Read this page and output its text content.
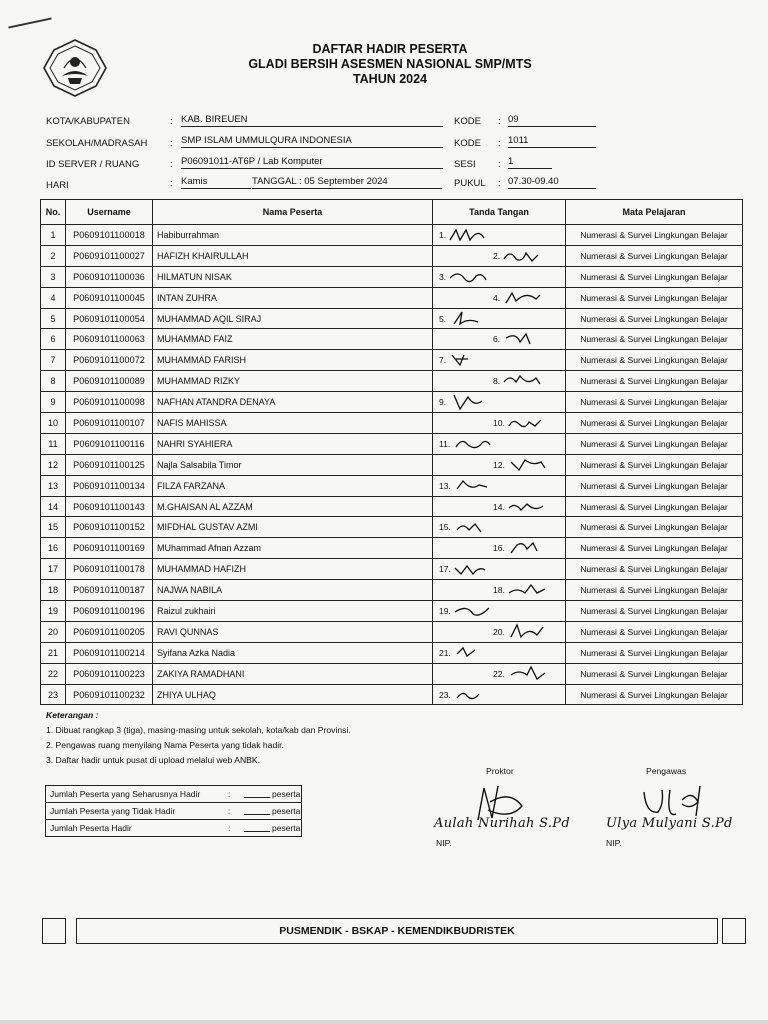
DAFTAR HADIR PESERTA
GLADI BERSIH ASESMEN NASIONAL SMP/MTS
TAHUN 2024
KOTA/KABUPATEN	: KAB. BIREUEN
SEKOLAH/MADRASAH : SMP ISLAM UMMULQURA INDONESIA
ID SERVER / RUANG	: P06091011-AT6P / Lab Komputer
HARI	: Kamis	TANGGAL : 05 September 2024
KODE : 09
KODE : 1011
SESI : 1
PUKUL : 07.30-09.40
No.	Username	Nama Peserta	Tanda Tangan	Mata Pelajaran
1	P0609101100018	Habiburrahman	1.	Numerasi & Survei Lingkungan Belajar
2	P0609101100027	HAFIZH KHAIRULLAH	2.	Numerasi & Survei Lingkungan Belajar
3	P0609101100036	HILMATUN NISAK	3.	Numerasi & Survei Lingkungan Belajar
4	P0609101100045	INTAN ZUHRA	4.	Numerasi & Survei Lingkungan Belajar
5	P0609101100054	MUHAMMAD AQIL SIRAJ	5.	Numerasi & Survei Lingkungan Belajar
6	P0609101100063	MUHAMMAD FAIZ	6.	Numerasi & Survei Lingkungan Belajar
7	P0609101100072	MUHAMMAD FARISH	7.	Numerasi & Survei Lingkungan Belajar
8	P0609101100089	MUHAMMAD RIZKY	8.	Numerasi & Survei Lingkungan Belajar
9	P0609101100098	NAFHAN ATANDRA DENAYA	9.	Numerasi & Survei Lingkungan Belajar
10	P0609101100107	NAFIS MAHISSA	10.	Numerasi & Survei Lingkungan Belajar
11	P0609101100116	NAHRI SYAHIERA	11.	Numerasi & Survei Lingkungan Belajar
12	P0609101100125	Najla Salsabila Timor	12.	Numerasi & Survei Lingkungan Belajar
13	P0609101100134	FILZA FARZANA	13.	Numerasi & Survei Lingkungan Belajar
14	P0609101100143	M.GHAISAN AL AZZAM	14.	Numerasi & Survei Lingkungan Belajar
15	P0609101100152	MIFDHAL GUSTAV AZMI	15.	Numerasi & Survei Lingkungan Belajar
16	P0609101100169	MUhammad Afnan Azzam	16.	Numerasi & Survei Lingkungan Belajar
17	P0609101100178	MUHAMMAD HAFIZH	17.	Numerasi & Survei Lingkungan Belajar
18	P0609101100187	NAJWA NABILA	18.	Numerasi & Survei Lingkungan Belajar
19	P0609101100196	Raizul zukhairi	19.	Numerasi & Survei Lingkungan Belajar
20	P0609101100205	RAVI QUNNAS	20.	Numerasi & Survei Lingkungan Belajar
21	P0609101100214	Syifana Azka Nadia	21.	Numerasi & Survei Lingkungan Belajar
22	P0609101100223	ZAKIYA RAMADHANI	22.	Numerasi & Survei Lingkungan Belajar
23	P0609101100232	ZHIYA ULHAQ	23.	Numerasi & Survei Lingkungan Belajar
Keterangan :
1. Dibuat rangkap 3 (tiga), masing-masing untuk sekolah, kota/kab dan Provinsi.
2. Pengawas ruang menyilang Nama Peserta yang tidak hadir.
3. Daftar hadir untuk pusat di upload melalui web ANBK.
Jumlah Peserta yang Seharusnya Hadir	:	peserta
Jumlah Peserta yang Tidak Hadir	:	peserta
Jumlah Peserta Hadir	:	peserta
Proktor
Aulah Nurihah S.Pd
NIP.
Pengawas
Ulya Mulyani S.Pd
NIP.
PUSMENDIK - BSKAP - KEMENDIKBUDRISTEK
